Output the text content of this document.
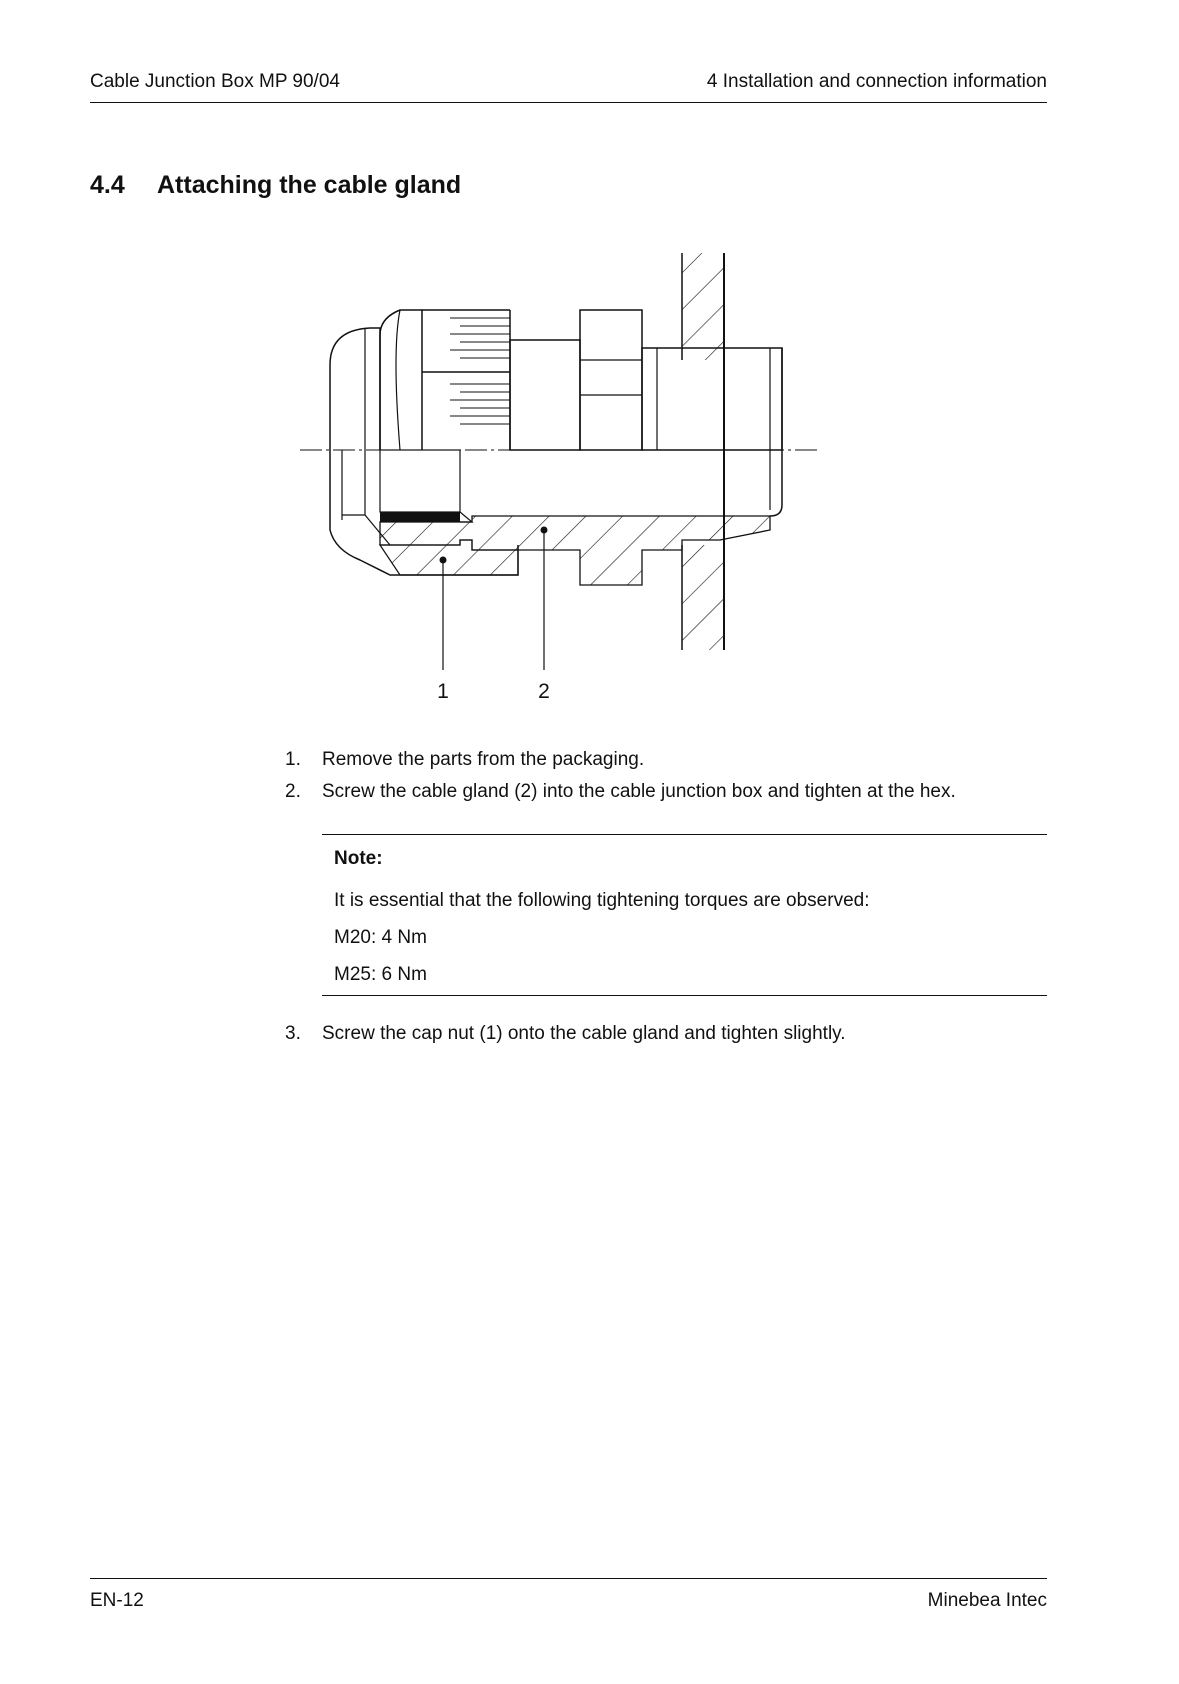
Cable Junction Box MP 90/04	4 Installation and connection information
4.4 Attaching the cable gland
1	2
1. Remove the parts from the packaging.
2. Screw the cable gland (2) into the cable junction box and tighten at the hex.
Note:
It is essential that the following tightening torques are observed:
M20: 4 Nm
M25: 6 Nm
3. Screw the cap nut (1) onto the cable gland and tighten slightly.
EN-12	Minebea Intec
